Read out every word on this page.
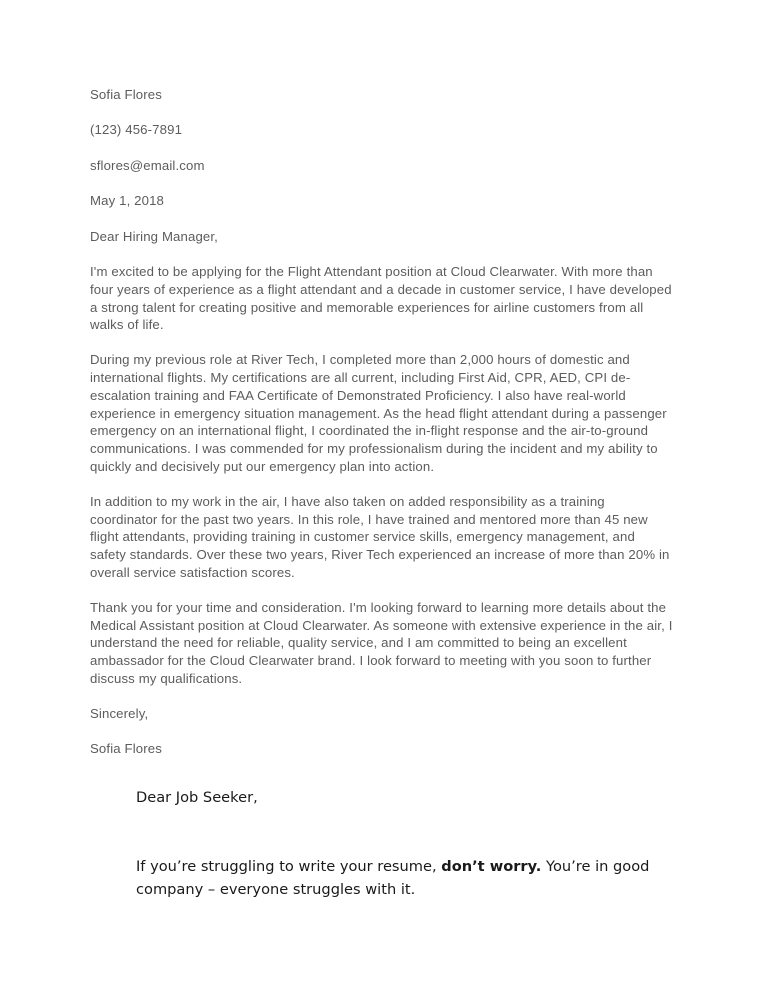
Sofia Flores

(123) 456-7891

sflores@email.com

May 1, 2018

Dear Hiring Manager,

I'm excited to be applying for the Flight Attendant position at Cloud Clearwater. With more than four years of experience as a flight attendant and a decade in customer service, I have developed a strong talent for creating positive and memorable experiences for airline customers from all walks of life.

During my previous role at River Tech, I completed more than 2,000 hours of domestic and international flights. My certifications are all current, including First Aid, CPR, AED, CPI de-escalation training and FAA Certificate of Demonstrated Proficiency. I also have real-world experience in emergency situation management. As the head flight attendant during a passenger emergency on an international flight, I coordinated the in-flight response and the air-to-ground communications. I was commended for my professionalism during the incident and my ability to quickly and decisively put our emergency plan into action.

In addition to my work in the air, I have also taken on added responsibility as a training coordinator for the past two years. In this role, I have trained and mentored more than 45 new flight attendants, providing training in customer service skills, emergency management, and safety standards. Over these two years, River Tech experienced an increase of more than 20% in overall service satisfaction scores.

Thank you for your time and consideration. I'm looking forward to learning more details about the Medical Assistant position at Cloud Clearwater. As someone with extensive experience in the air, I understand the need for reliable, quality service, and I am committed to being an excellent ambassador for the Cloud Clearwater brand. I look forward to meeting with you soon to further discuss my qualifications.

Sincerely,

Sofia Flores

Dear Job Seeker,

If you’re struggling to write your resume, don’t worry. You’re in good company – everyone struggles with it.
